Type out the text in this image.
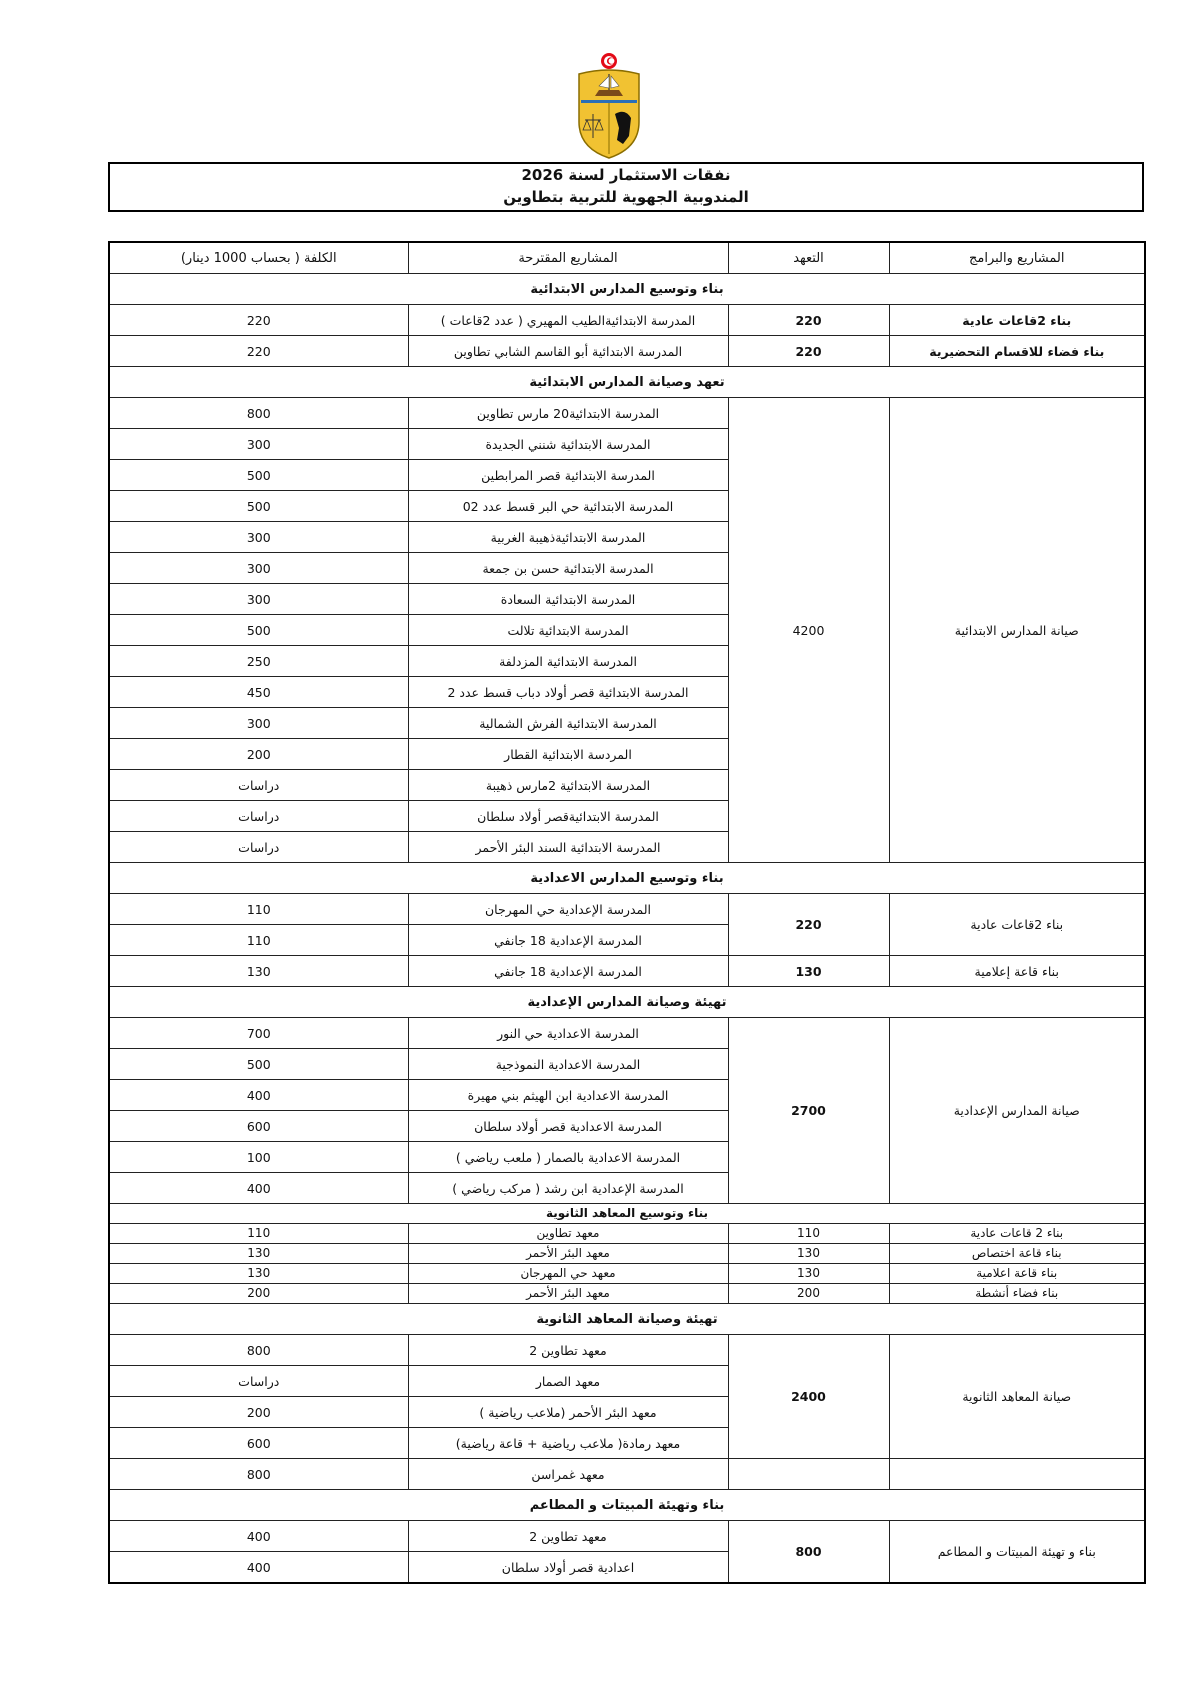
نفقات الاستثمار لسنة 2026
المندوبية الجهوية للتربية بتطاوين
المشاريع والبرامج	التعهد	المشاريع المقترحة	الكلفة ( بحساب 1000 دينار)
بناء وتوسيع المدارس الابتدائية			
بناء 2قاعات عادية	220	المدرسة الابتدائيةالطيب المهيري ( عدد 2قاعات )	220
بناء فضاء للاقسام التحضيرية	220	المدرسة الابتدائية أبو القاسم الشابي تطاوين	220
تعهد وصيانة المدارس الابتدائية			
صيانة المدارس الابتدائية	4200	المدرسة الابتدائية20 مارس تطاوين	800
		المدرسة الابتدائية شنني الجديدة	300
		المدرسة الابتدائية قصر المرابطين	500
		المدرسة الابتدائية حي البر قسط عدد 02	500
		المدرسة الابتدائيةذهيبة الغربية	300
		المدرسة الابتدائية حسن بن جمعة	300
		المدرسة الابتدائية السعادة	300
		المدرسة الابتدائية تلالت	500
		المدرسة الابتدائية المزدلفة	250
		المدرسة الابتدائية قصر أولاد دباب قسط عدد 2	450
		المدرسة الابتدائية الفرش الشمالية	300
		المردسة الابتدائية القطار	200
		المدرسة الابتدائية 2مارس ذهيبة	دراسات
		المدرسة الابتدائيةقصر أولاد سلطان	دراسات
		المدرسة الابتدائية السند البئر الأحمر	دراسات
بناء وتوسيع المدارس الاعدادية			
بناء 2قاعات عادية	220	المدرسة الإعدادية حي المهرجان	110
		المدرسة الإعدادية 18 جانفي	110
بناء قاعة إعلامية	130	المدرسة الإعدادية 18 جانفي	130
تهيئة وصيانة المدارس الإعدادية			
صيانة المدارس الإعدادية	2700	المدرسة الاعدادية حي النور	700
		المدرسة الاعدادية النموذجية	500
		المدرسة الاعدادية ابن الهيثم بني مهيرة	400
		المدرسة الاعدادية قصر أولاد سلطان	600
		المدرسة الاعدادية بالصمار ( ملعب رياضي )	100
		المدرسة الإعدادية ابن رشد ( مركب رياضي )	400
بناء وتوسيع المعاهد الثانوية			
بناء 2 قاعات عادية	110	معهد تطاوين	110
بناء قاعة اختصاص	130	معهد البئر الأحمر	130
بناء قاعة اعلامية	130	معهد حي المهرجان	130
بناء فضاء أنشطة	200	معهد البئر الأحمر	200
تهيئة وصيانة المعاهد الثانوية			
صيانة المعاهد الثانوية	2400	معهد تطاوين 2	800
		معهد الصمار	دراسات
		معهد البئر الأحمر (ملاعب رياضية )	200
		معهد رمادة( ملاعب رياضية + قاعة رياضية)	600
		معهد غمراسن	800
بناء وتهيئة المبيتات و المطاعم			
بناء و تهيئة المبيتات و المطاعم	800	معهد تطاوين 2	400
		اعدادية قصر أولاد سلطان	400
